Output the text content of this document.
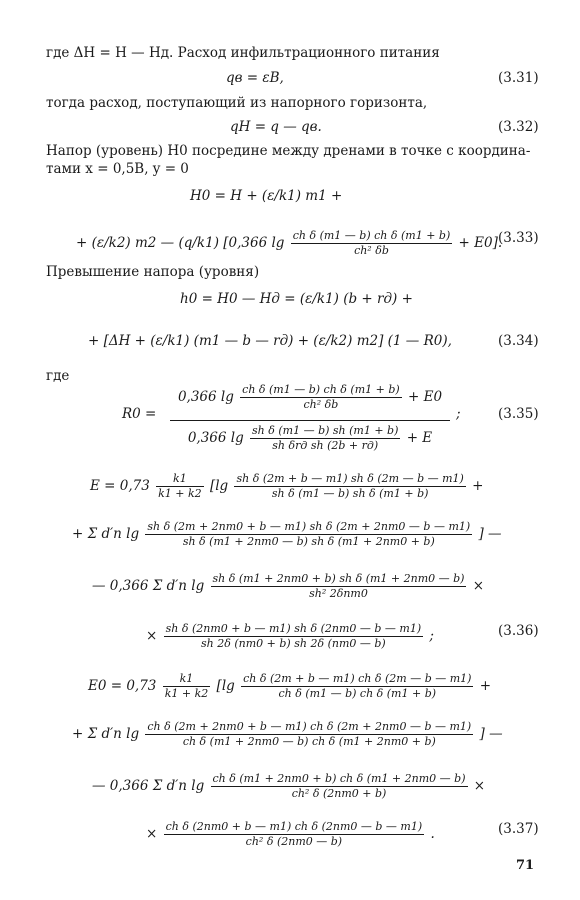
где ΔH = H — Hд. Расход инфильтрационного питания
qв = εB,	(3.31)
тогда расход, поступающий из напорного горизонта,
qH = q — qв.	(3.32)
Напор (уровень) H0 посредине между дренами в точке с координа-
тами x = 0,5B, y = 0
H0 = H + (ε/k1) m1 +
+ (ε/k2) m2 — (q/k1) [0,366 $\lg \frac{\text{ch δ (m1 — b) ch δ (m1 + b)}}{\text{ch² δb}} + E0$].
(3.33)
Превышение напора (уровня)
h0 = H0 — Hд = (ε/k1) (b + rд) +
+ [ΔH + (ε/k1) (m1 — b — rд) + (ε/k2) m2] (1 — R0),	(3.34)
где
R0 =
0,366 $\lg \frac{\text{ch δ (m1 — b) ch δ (m1 + b)}}{\text{ch² δb}} + E0$
0,366 $\lg \frac{\text{sh δ (m1 — b) sh (m1 + b)}}{\text{sh δrд sh (2b + rд)}} + E$
;	(3.35)
$E = 0,73 \frac{k1}{k1 + k2} [\lg \frac{\text{sh δ (2m + b — m1) sh δ (2m — b — m1)}}{\text{sh δ (m1 — b) sh δ (m1 + b)}}$ +
+ Σ d′n $\lg \frac{\text{sh δ (2m + 2nm0 + b — m1) sh δ (2m + 2nm0 — b — m1)}}{\text{sh δ (m1 + 2nm0 — b) sh δ (m1 + 2nm0 + b)}}$ ] —
— 0,366 Σ d′n $\lg \frac{\text{sh δ (m1 + 2nm0 + b) sh δ (m1 + 2nm0 — b)}}{\text{sh² 2δnm0}}$ ×
× $\frac{\text{sh δ (2nm0 + b — m1) sh δ (2nm0 — b — m1)}}{sh 2\delta (nm0 + b) sh 2\delta (nm0 — b)}$ ;	(3.36)
$E0 = 0,73 \frac{k1}{k1 + k2} [\lg \frac{\text{ch δ (2m + b — m1) ch δ (2m — b — m1)}}{\text{ch δ (m1 — b) ch δ (m1 + b)}}$ +
+ Σ d′n $\lg \frac{\text{ch δ (2m + 2nm0 + b — m1) ch δ (2m + 2nm0 — b — m1)}}{\text{ch δ (m1 + 2nm0 — b) ch δ (m1 + 2nm0 + b)}}$ ] —
— 0,366 Σ d′n $\lg \frac{\text{ch δ (m1 + 2nm0 + b) ch δ (m1 + 2nm0 — b)}}{\text{ch² δ (2nm0 + b)}}$ ×
× $\frac{\text{ch δ (2nm0 + b — m1) ch δ (2nm0 — b — m1)}}{\text{ch² δ (2nm0 — b)}}$ .	(3.37)
71
